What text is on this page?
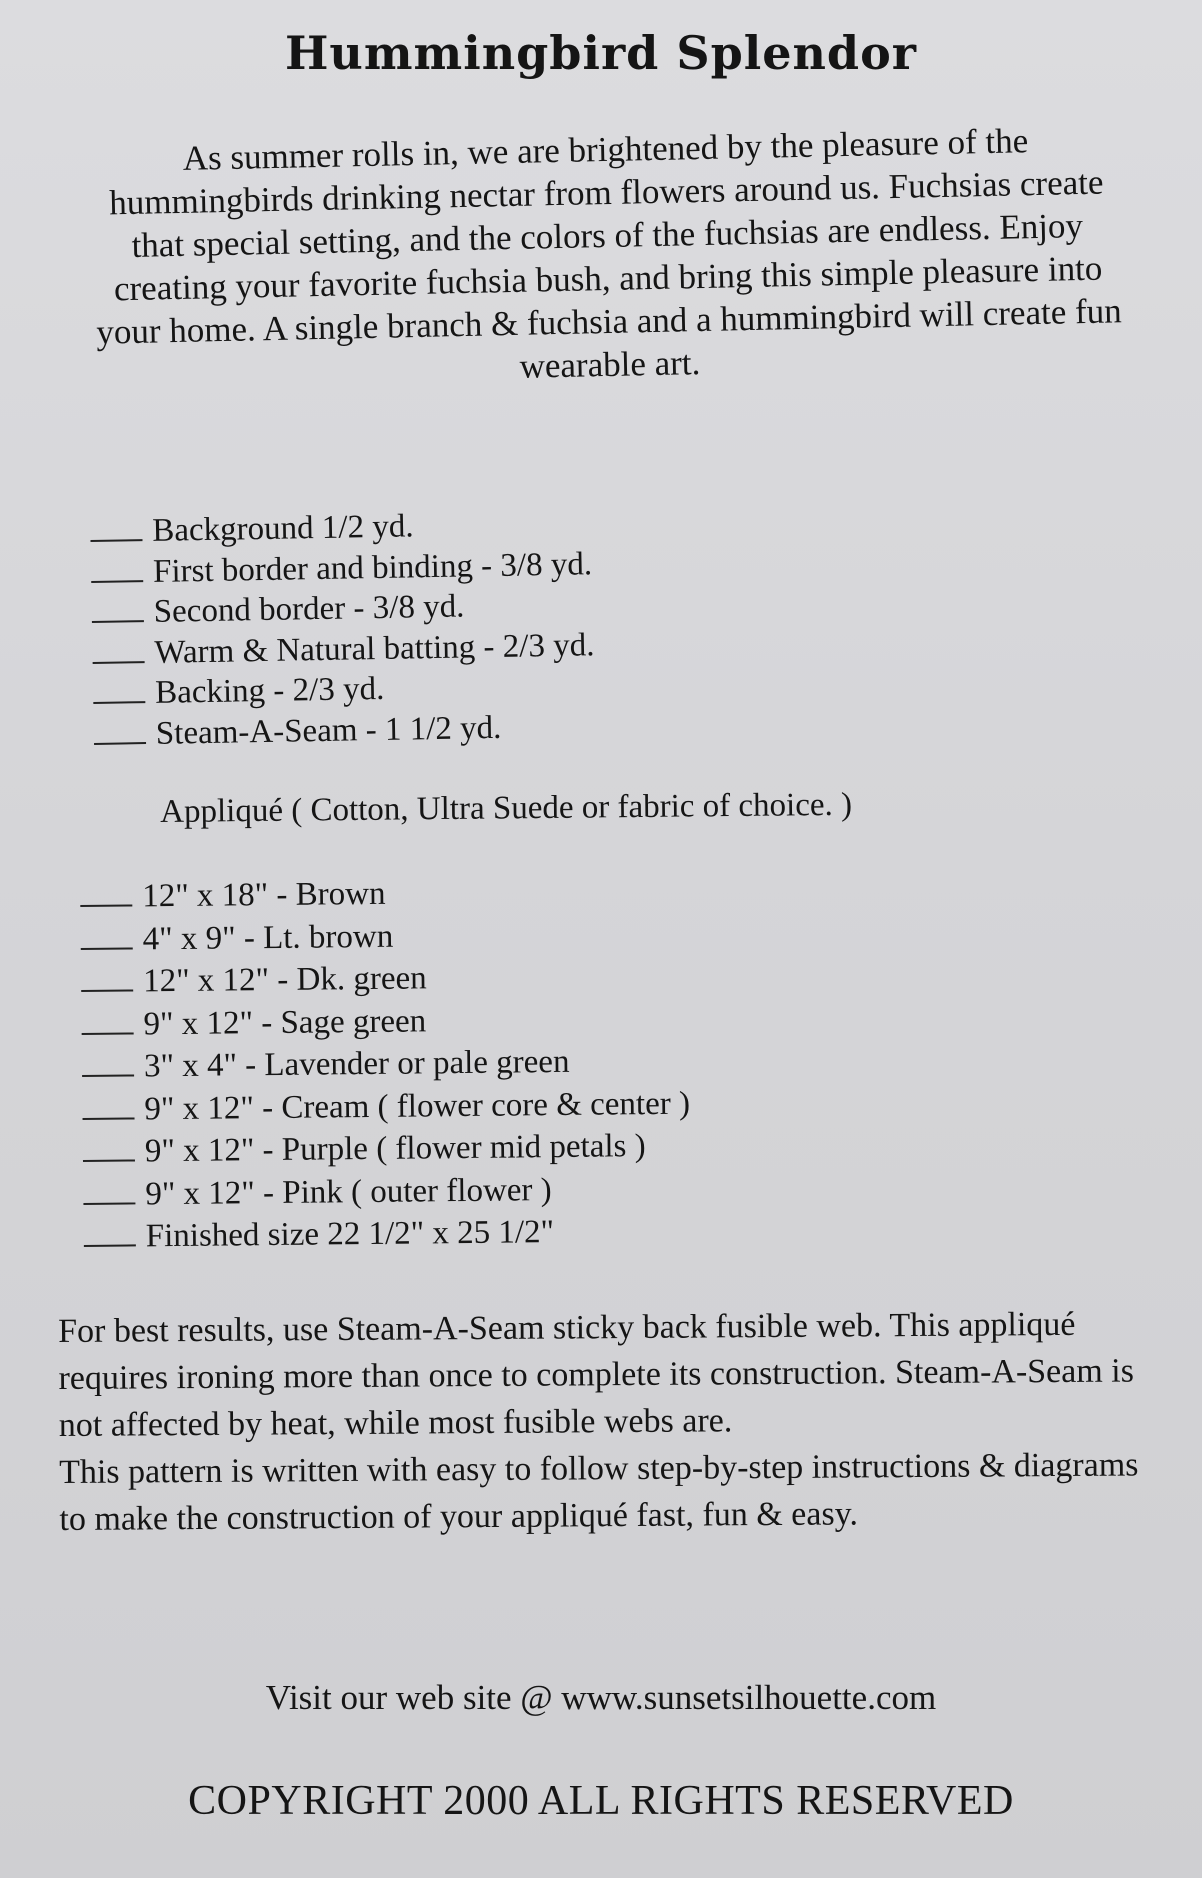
Hummingbird Splendor

As summer rolls in, we are brightened by the pleasure of the hummingbirds drinking nectar from flowers around us. Fuchsias create that special setting, and the colors of the fuchsias are endless. Enjoy creating your favorite fuchsia bush, and bring this simple pleasure into your home. A single branch & fuchsia and a hummingbird will create fun wearable art.

Background 1/2 yd.
First border and binding - 3/8 yd.
Second border - 3/8 yd.
Warm & Natural batting - 2/3 yd.
Backing - 2/3 yd.
Steam-A-Seam - 1 1/2 yd.

Appliqué ( Cotton, Ultra Suede or fabric of choice. )

12" x 18" - Brown
4" x 9" - Lt. brown
12" x 12" - Dk. green
9" x 12" - Sage green
3" x 4" - Lavender or pale green
9" x 12" - Cream ( flower core & center )
9" x 12" - Purple ( flower mid petals )
9" x 12" - Pink ( outer flower )
Finished size 22 1/2" x 25 1/2"

For best results, use Steam-A-Seam sticky back fusible web. This appliqué requires ironing more than once to complete its construction. Steam-A-Seam is not affected by heat, while most fusible webs are.

This pattern is written with easy to follow step-by-step instructions & diagrams to make the construction of your appliqué fast, fun & easy.

Visit our web site @ www.sunsetsilhouette.com

COPYRIGHT 2000 ALL RIGHTS RESERVED
